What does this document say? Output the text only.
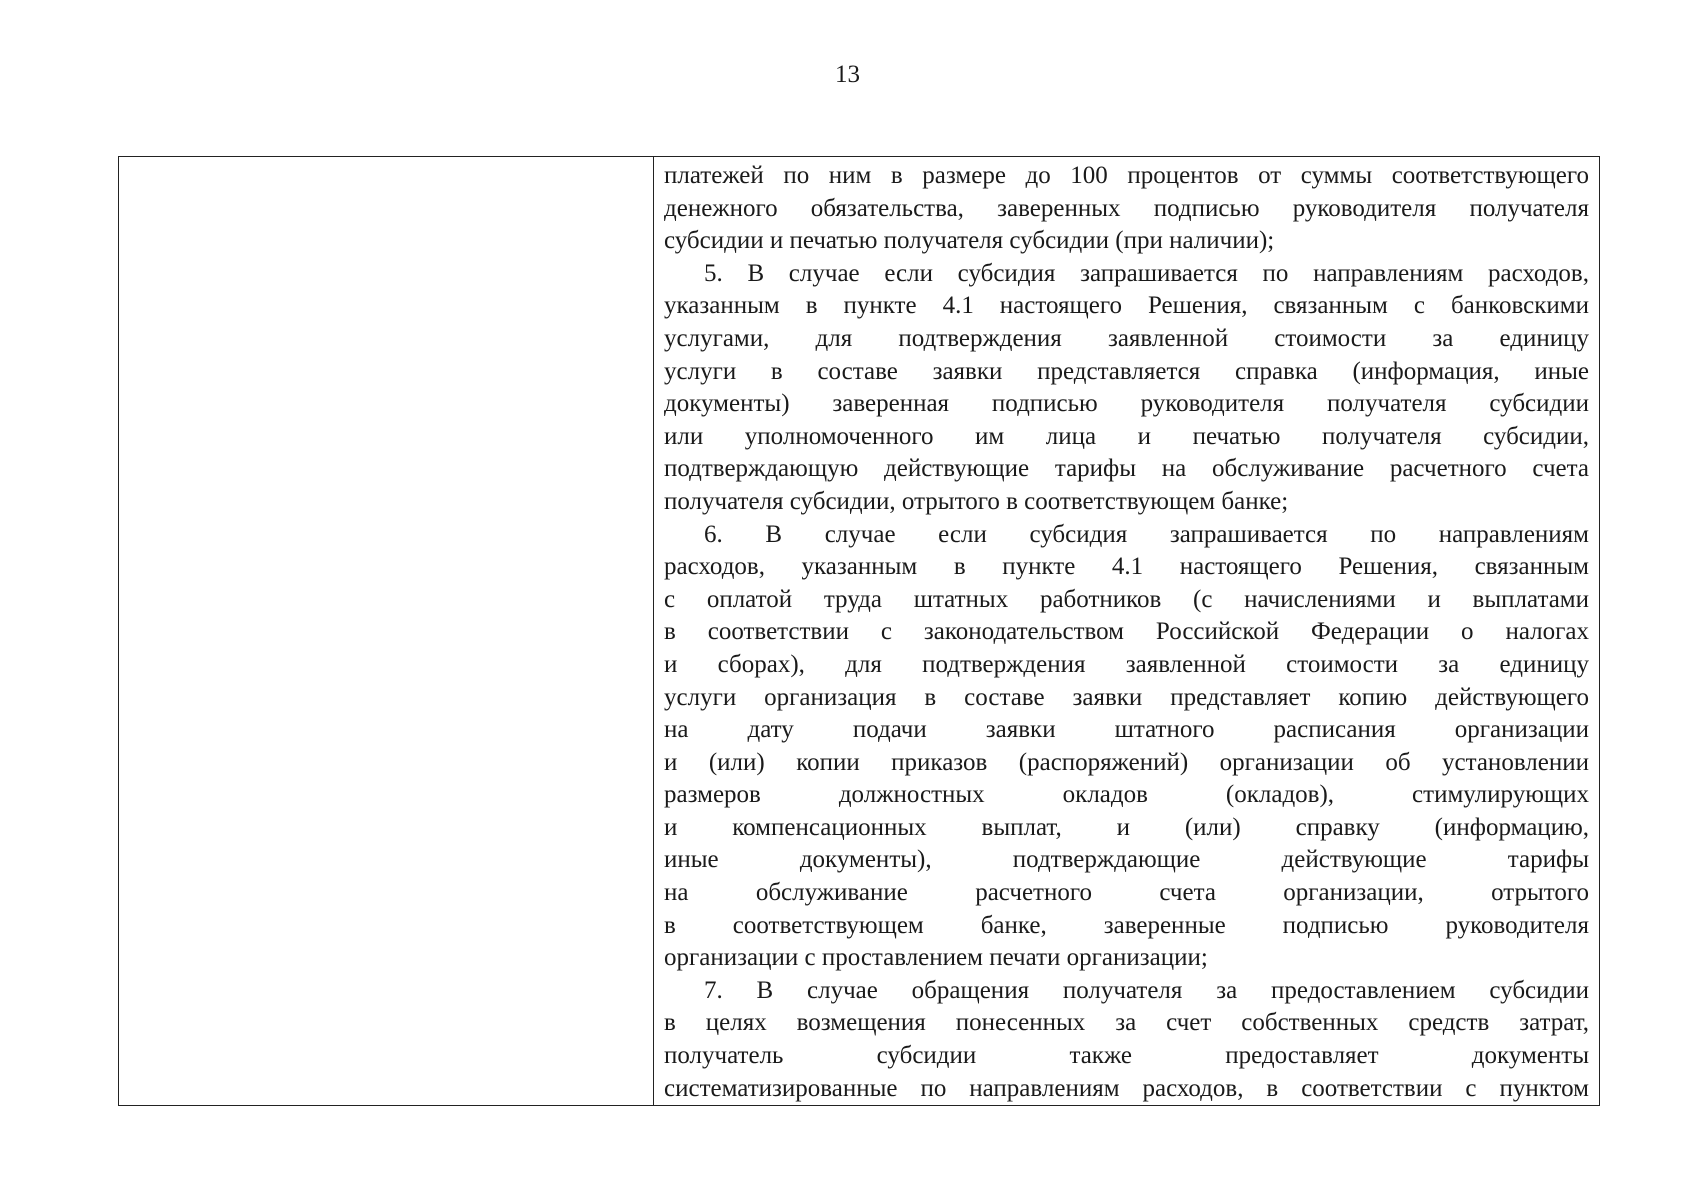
13
платежей по ним в размере до 100 процентов от суммы соответствующего
денежного обязательства, заверенных подписью руководителя получателя
субсидии и печатью получателя субсидии (при наличии);
5. В случае если субсидия запрашивается по направлениям расходов,
указанным в пункте 4.1 настоящего Решения, связанным с банковскими
услугами, для подтверждения заявленной стоимости за единицу
услуги в составе заявки представляется справка (информация, иные
документы) заверенная подписью руководителя получателя субсидии
или уполномоченного им лица и печатью получателя субсидии,
подтверждающую действующие тарифы на обслуживание расчетного счета
получателя субсидии, отрытого в соответствующем банке;
6. В случае если субсидия запрашивается по направлениям
расходов, указанным в пункте 4.1 настоящего Решения, связанным
с оплатой труда штатных работников (с начислениями и выплатами
в соответствии с законодательством Российской Федерации о налогах
и сборах), для подтверждения заявленной стоимости за единицу
услуги организация в составе заявки представляет копию действующего
на дату подачи заявки штатного расписания организации
и (или) копии приказов (распоряжений) организации об установлении
размеров должностных окладов (окладов), стимулирующих
и компенсационных выплат, и (или) справку (информацию,
иные документы), подтверждающие действующие тарифы
на обслуживание расчетного счета организации, отрытого
в соответствующем банке, заверенные подписью руководителя
организации с проставлением печати организации;
7. В случае обращения получателя за предоставлением субсидии
в целях возмещения понесенных за счет собственных средств затрат,
получатель субсидии также предоставляет документы
систематизированные по направлениям расходов, в соответствии с пунктом
